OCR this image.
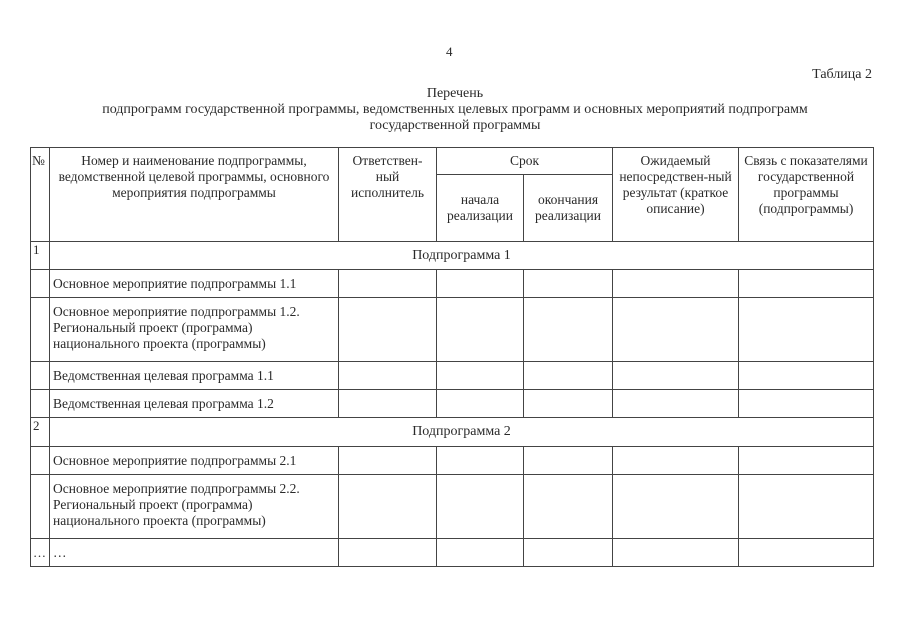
4
Таблица 2
Перечень
подпрограмм государственной программы, ведомственных целевых программ и основных мероприятий подпрограмм
государственной программы
№	Номер и наименование подпрограммы, ведомственной целевой программы, основного мероприятия подпрограммы	Ответствен-ный исполнитель	Срок		Ожидаемый непосредствен-ный результат (краткое описание)	Связь с показателями государственной программы (подпрограммы)
			начала реализации	окончания реализации		
1	Подпрограмма 1					
	Основное мероприятие подпрограммы 1.1					
	Основное мероприятие подпрограммы 1.2. Региональный проект (программа) национального проекта (программы)					
	Ведомственная целевая программа 1.1					
	Ведомственная целевая программа 1.2					
2	Подпрограмма 2					
	Основное мероприятие подпрограммы 2.1					
	Основное мероприятие подпрограммы 2.2. Региональный проект (программа) национального проекта (программы)					
…	…					
